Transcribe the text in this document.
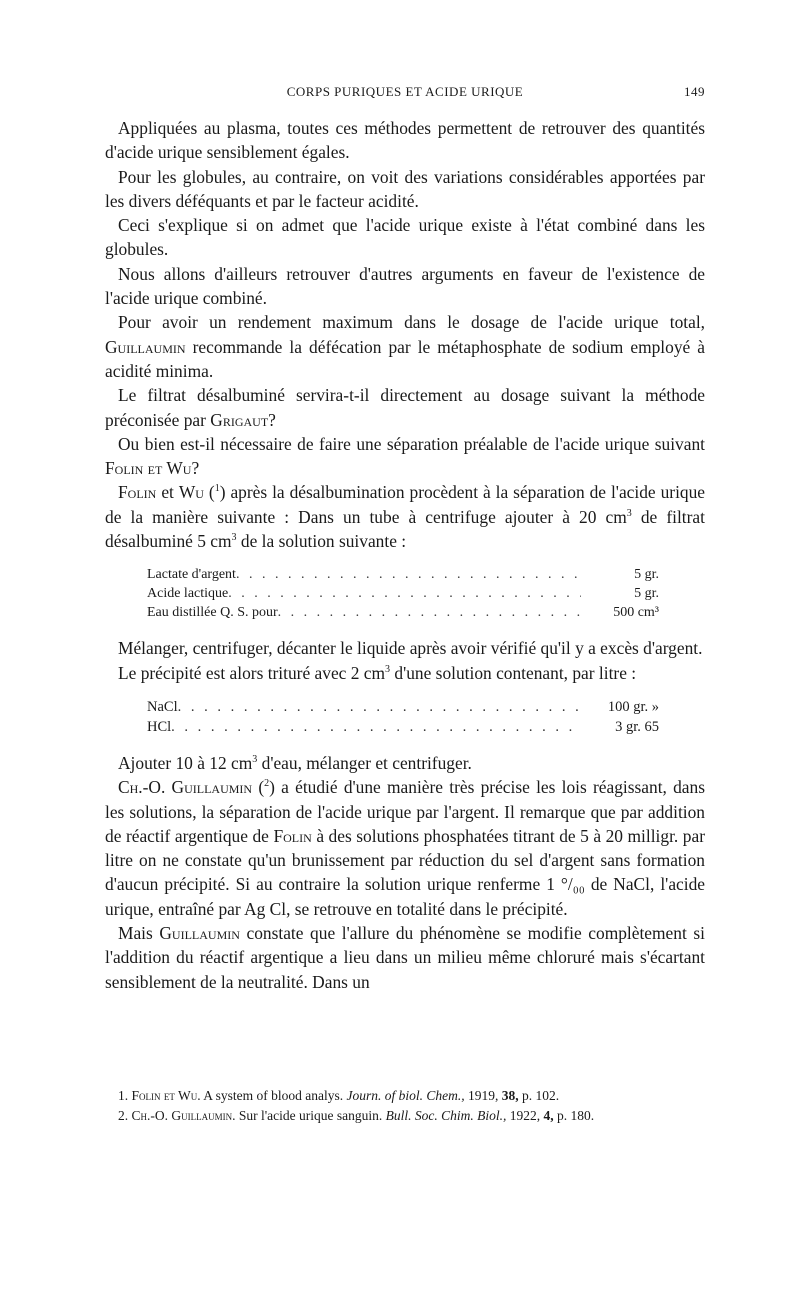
CORPS PURIQUES ET ACIDE URIQUE	149

Appliquées au plasma, toutes ces méthodes permettent de retrouver des quantités d'acide urique sensiblement égales.

Pour les globules, au contraire, on voit des variations considérables apportées par les divers déféquants et par le facteur acidité.

Ceci s'explique si on admet que l'acide urique existe à l'état combiné dans les globules.

Nous allons d'ailleurs retrouver d'autres arguments en faveur de l'existence de l'acide urique combiné.

Pour avoir un rendement maximum dans le dosage de l'acide urique total, Guillaumin recommande la défécation par le métaphosphate de sodium employé à acidité minima.

Le filtrat désalbuminé servira-t-il directement au dosage suivant la méthode préconisée par Grigaut?

Ou bien est-il nécessaire de faire une séparation préalable de l'acide urique suivant Folin et Wu?

Folin et Wu ($^1$) après la désalbumination procèdent à la séparation de l'acide urique de la manière suivante : Dans un tube à centrifuge ajouter à 20 $cm^3$ de filtrat désalbuminé 5 $cm^3$ de la solution suivante :

Lactate d'argent . . .	5 gr.
Acide lactique . . .	5 gr.
Eau distillée Q. S. pour . . .	500 cm³

Mélanger, centrifuger, décanter le liquide après avoir vérifié qu'il y a excès d'argent.

Le précipité est alors trituré avec 2 $cm^3$ d'une solution contenant, par litre :

NaCl . . .	100 gr. »
HCl . . .	3 gr. 65

Ajouter 10 à 12 $cm^3$ d'eau, mélanger et centrifuger.

Ch.-O. Guillaumin ($^2$) a étudié d'une manière très précise les lois réagissant, dans les solutions, la séparation de l'acide urique par l'argent. Il remarque que par addition de réactif argentique de Folin à des solutions phosphatées titrant de 5 à 20 milligr. par litre on ne constate qu'un brunissement par réduction du sel d'argent sans formation d'aucun précipité. Si au contraire la solution urique renferme 1 °/₀₀ de NaCl, l'acide urique, entraîné par Ag Cl, se retrouve en totalité dans le précipité.

Mais Guillaumin constate que l'allure du phénomène se modifie complètement si l'addition du réactif argentique a lieu dans un milieu même chloruré mais s'écartant sensiblement de la neutralité. Dans un

1. Folin et Wu. A system of blood analys. Journ. of biol. Chem., 1919, 38, p. 102.

2. Ch.-O. Guillaumin. Sur l'acide urique sanguin. Bull. Soc. Chim. Biol., 1922, 4, p. 180.
